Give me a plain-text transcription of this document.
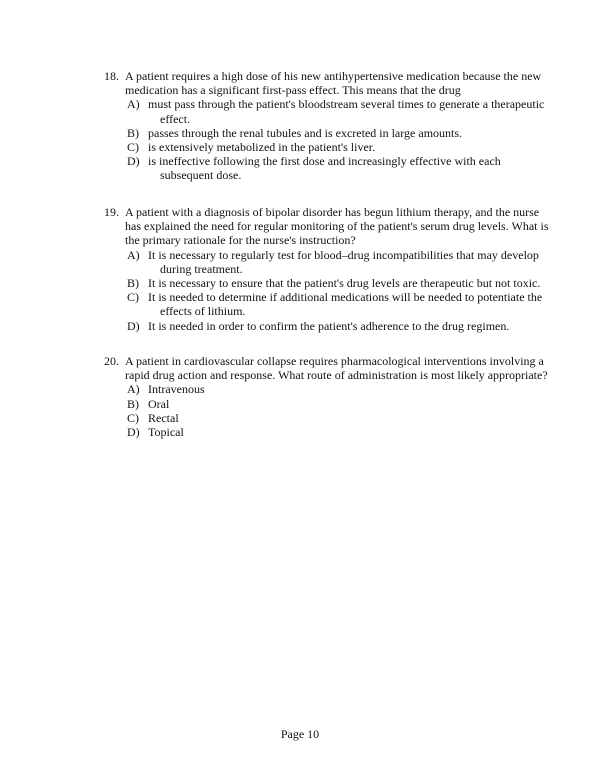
18. A patient requires a high dose of his new antihypertensive medication because the new
medication has a significant first-pass effect. This means that the drug
A) must pass through the patient's bloodstream several times to generate a therapeutic
effect.
B) passes through the renal tubules and is excreted in large amounts.
C) is extensively metabolized in the patient's liver.
D) is ineffective following the first dose and increasingly effective with each
subsequent dose.
19. A patient with a diagnosis of bipolar disorder has begun lithium therapy, and the nurse
has explained the need for regular monitoring of the patient's serum drug levels. What is
the primary rationale for the nurse's instruction?
A) It is necessary to regularly test for blood–drug incompatibilities that may develop
during treatment.
B) It is necessary to ensure that the patient's drug levels are therapeutic but not toxic.
C) It is needed to determine if additional medications will be needed to potentiate the
effects of lithium.
D) It is needed in order to confirm the patient's adherence to the drug regimen.
20. A patient in cardiovascular collapse requires pharmacological interventions involving a
rapid drug action and response. What route of administration is most likely appropriate?
A) Intravenous
B) Oral
C) Rectal
D) Topical
Page 10
